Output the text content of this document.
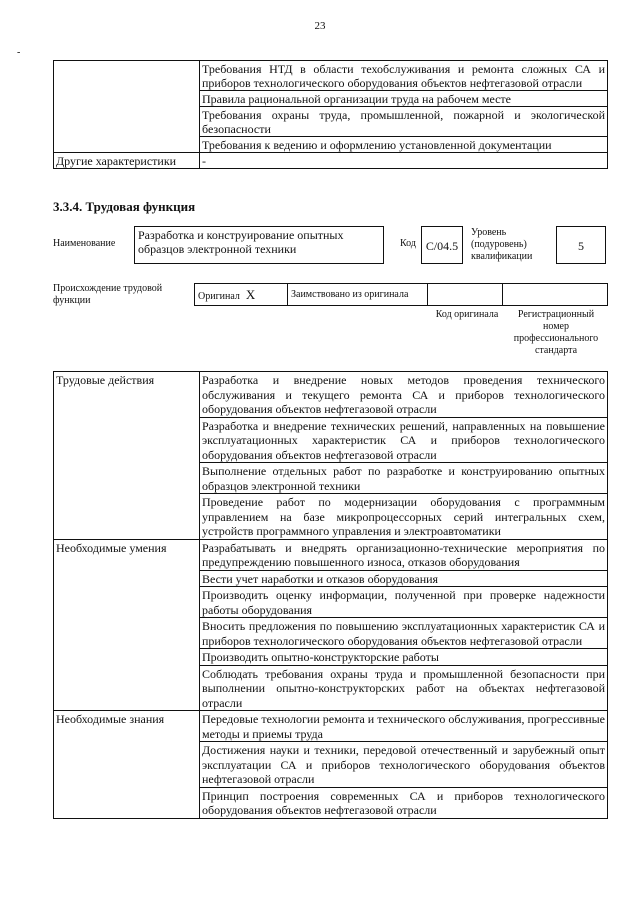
23
-
	Требования НТД в области техобслуживания и ремонта сложных СА и приборов технологического оборудования объектов нефтегазовой отрасли
	Правила рациональной организации труда на рабочем месте
	Требования охраны труда, промышленной, пожарной и экологической безопасности
	Требования к ведению и оформлению установленной документации
Другие характеристики	-
3.3.4. Трудовая функция
Наименование
Разработка и конструирование опытных образцов электронной техники	Код С/04.5
Уровень (подуровень) квалификации
5
Происхождение трудовой функции	Оригинал Х	Заимствовано из оригинала		
Код оригинала	Регистрационный номер профессионального стандарта
Трудовые действия	Разработка и внедрение новых методов проведения технического обслуживания и текущего ремонта СА и приборов технологического оборудования объектов нефтегазовой отрасли
	Разработка и внедрение технических решений, направленных на повышение эксплуатационных характеристик СА и приборов технологического оборудования объектов нефтегазовой отрасли
	Выполнение отдельных работ по разработке и конструированию опытных образцов электронной техники
	Проведение работ по модернизации оборудования с программным управлением на базе микропроцессорных серий интегральных схем, устройств программного управления и электроавтоматики
Необходимые умения	Разрабатывать и внедрять организационно-технические мероприятия по предупреждению повышенного износа, отказов оборудования
	Вести учет наработки и отказов оборудования
	Производить оценку информации, полученной при проверке надежности работы оборудования
	Вносить предложения по повышению эксплуатационных характеристик СА и приборов технологического оборудования объектов нефтегазовой отрасли
	Производить опытно-конструкторские работы
	Соблюдать требования охраны труда и промышленной безопасности при выполнении опытно-конструкторских работ на объектах нефтегазовой отрасли
Необходимые знания	Передовые технологии ремонта и технического обслуживания, прогрессивные методы и приемы труда
	Достижения науки и техники, передовой отечественный и зарубежный опыт эксплуатации СА и приборов технологического оборудования объектов нефтегазовой отрасли
	Принцип построения современных СА и приборов технологического оборудования объектов нефтегазовой отрасли
